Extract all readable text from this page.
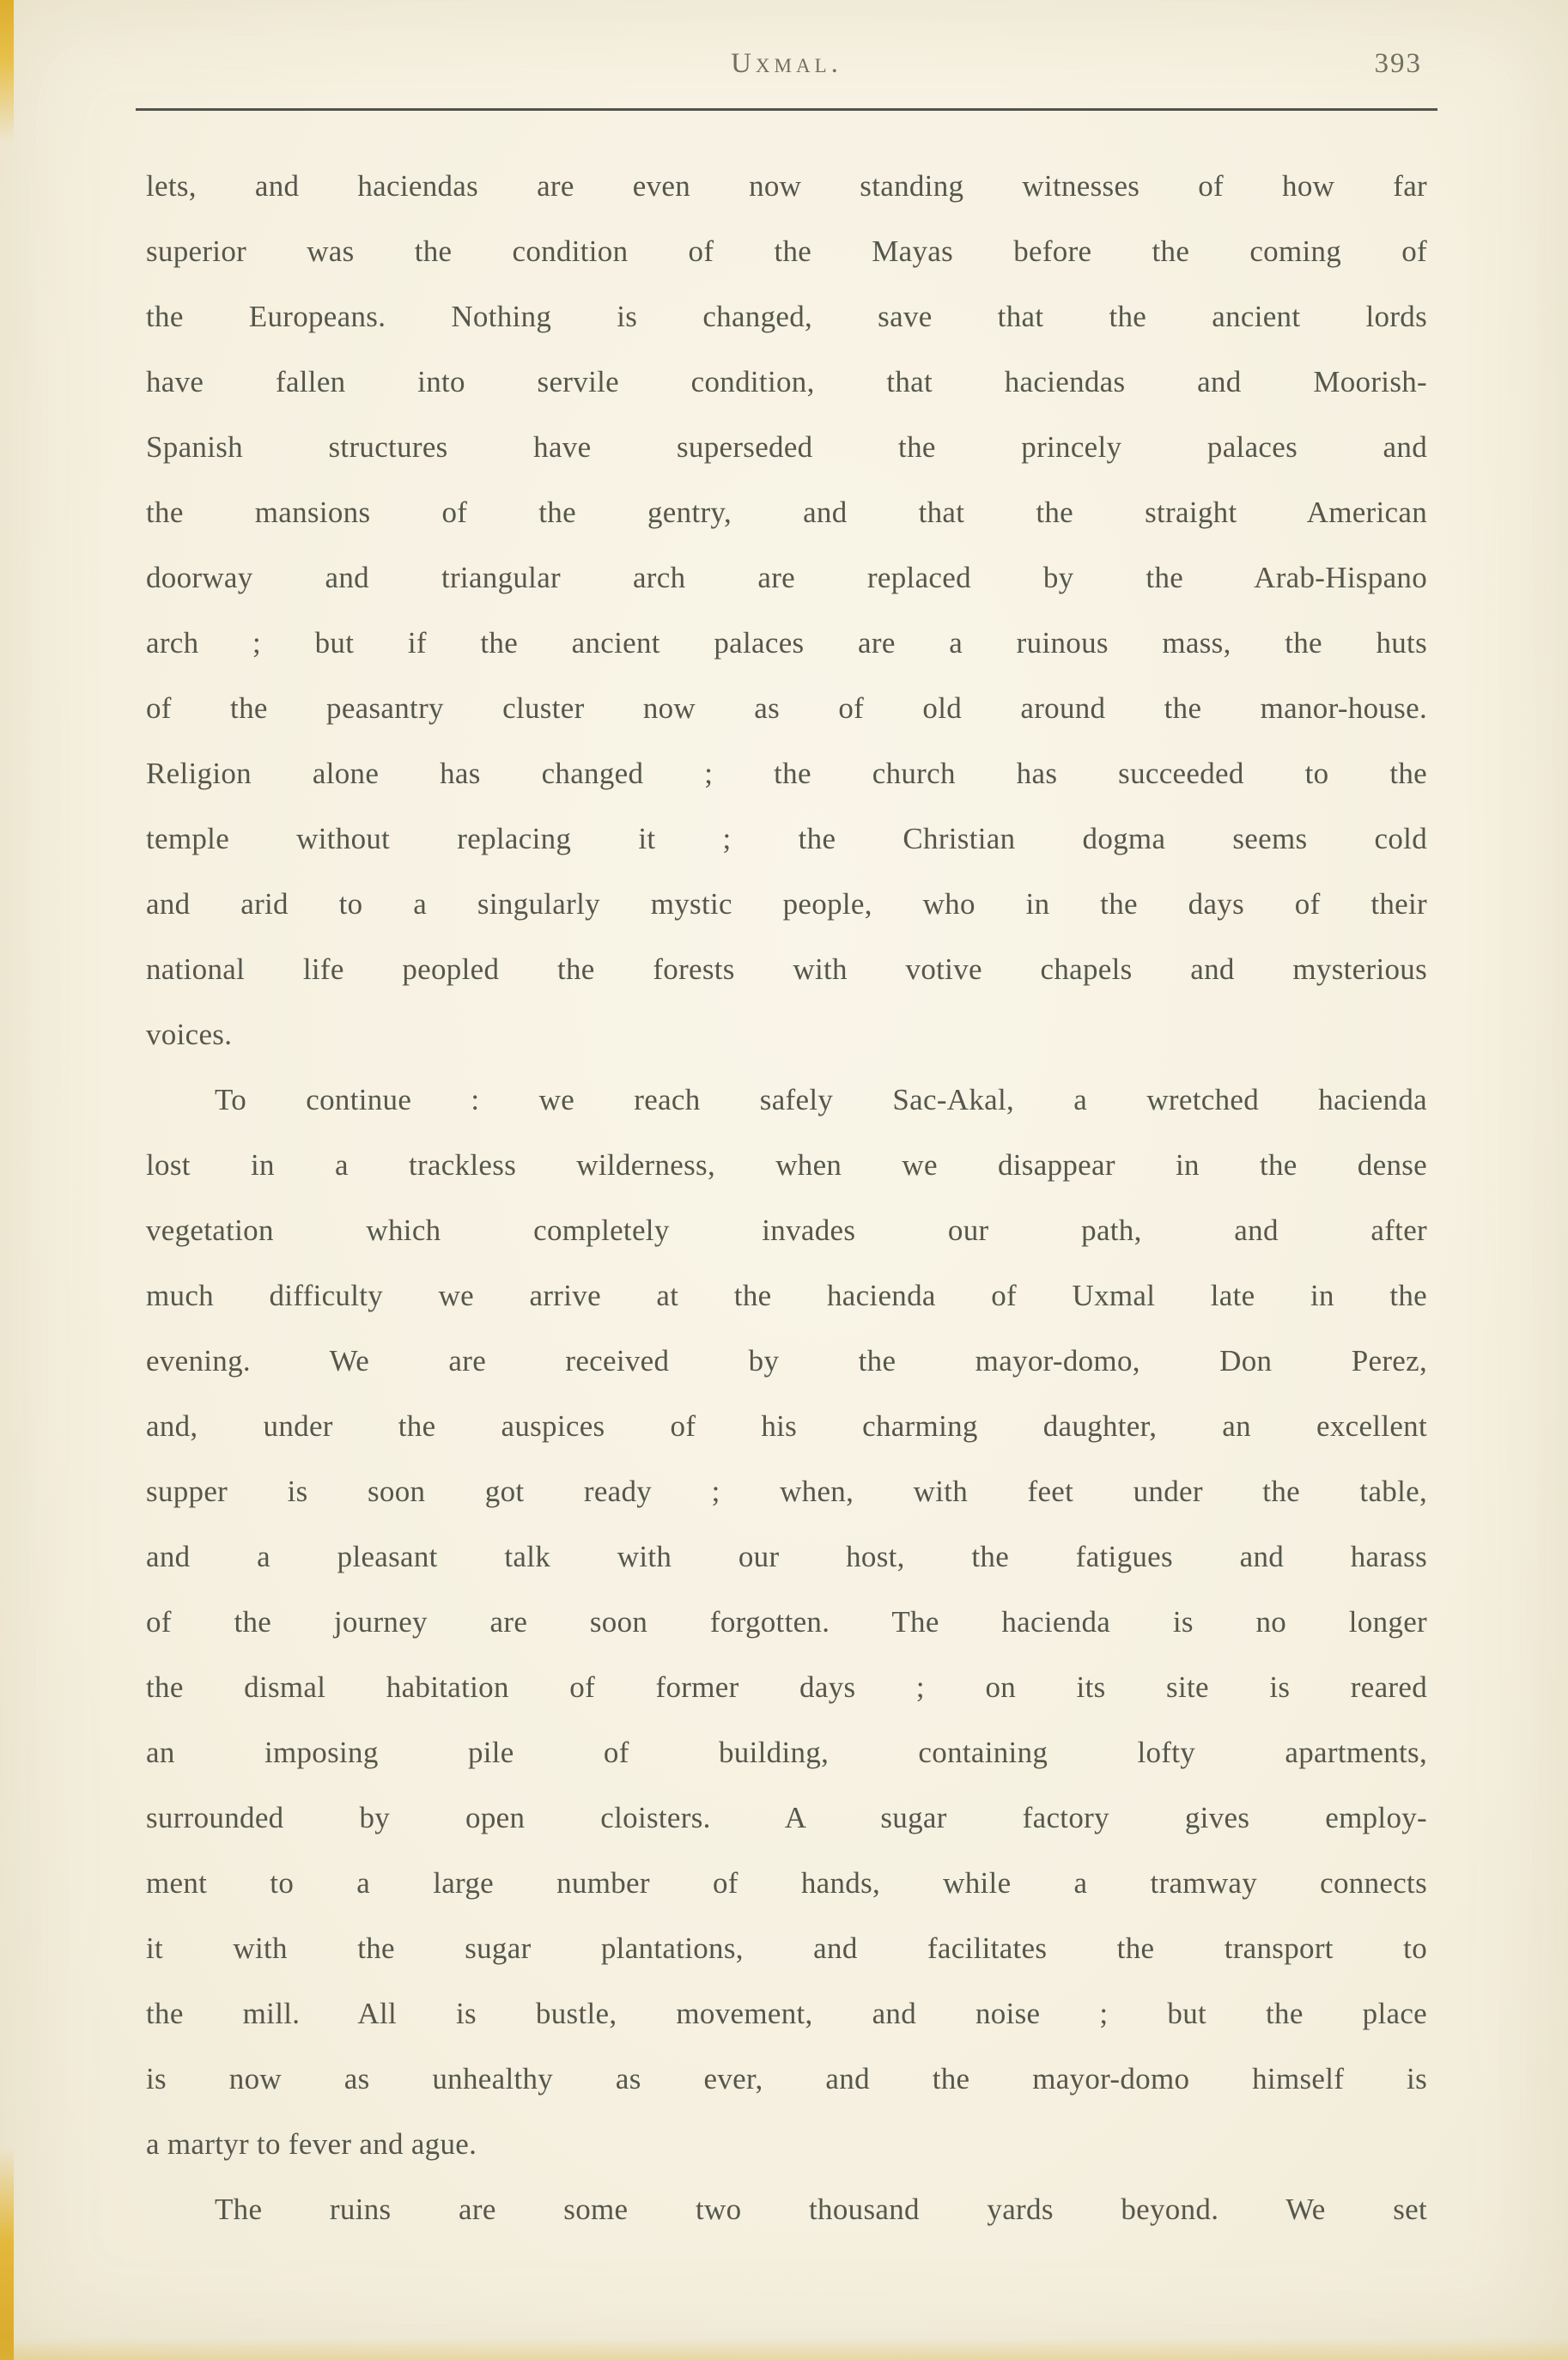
Uxmal.	393
lets, and haciendas are even now standing witnesses of how far
superior was the condition of the Mayas before the coming of
the Europeans. Nothing is changed, save that the ancient lords
have fallen into servile condition, that haciendas and Moorish-
Spanish structures have superseded the princely palaces and
the mansions of the gentry, and that the straight American
doorway and triangular arch are replaced by the Arab-Hispano
arch ; but if the ancient palaces are a ruinous mass, the huts
of the peasantry cluster now as of old around the manor-house.
Religion alone has changed ; the church has succeeded to the
temple without replacing it ; the Christian dogma seems cold
and arid to a singularly mystic people, who in the days of their
national life peopled the forests with votive chapels and mysterious
voices.
To continue : we reach safely Sac-Akal, a wretched hacienda
lost in a trackless wilderness, when we disappear in the dense
vegetation which completely invades our path, and after
much difficulty we arrive at the hacienda of Uxmal late in the
evening. We are received by the mayor-domo, Don Perez,
and, under the auspices of his charming daughter, an excellent
supper is soon got ready ; when, with feet under the table,
and a pleasant talk with our host, the fatigues and harass
of the journey are soon forgotten. The hacienda is no longer
the dismal habitation of former days ; on its site is reared
an imposing pile of building, containing lofty apartments,
surrounded by open cloisters. A sugar factory gives employ-
ment to a large number of hands, while a tramway connects
it with the sugar plantations, and facilitates the transport to
the mill. All is bustle, movement, and noise ; but the place
is now as unhealthy as ever, and the mayor-domo himself is
a martyr to fever and ague.
The ruins are some two thousand yards beyond. We set
